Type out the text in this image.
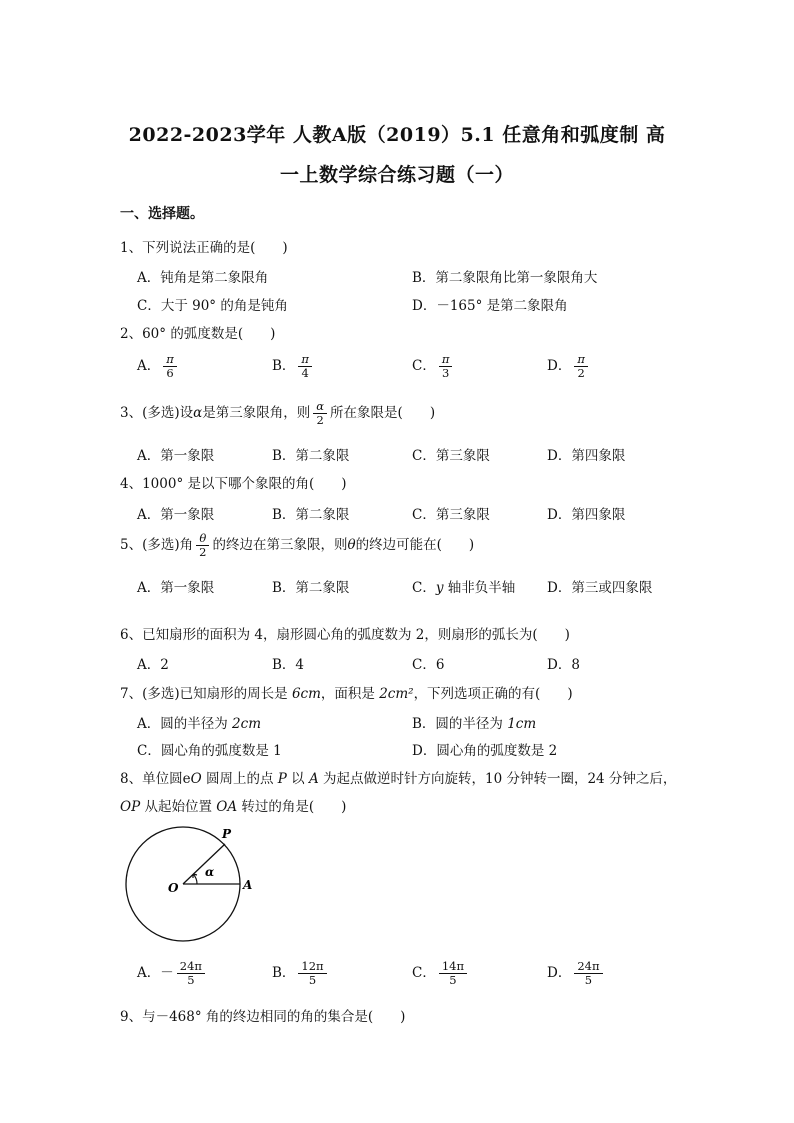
2022-2023学年 人教A版（2019）5.1 任意角和弧度制 高
一上数学综合练习题（一）
一、选择题。
1、下列说法正确的是(　　)
A．钝角是第二象限角	B．第二象限角比第一象限角大
C．大于 90° 的角是钝角	D．－165° 是第二象限角
2、60° 的弧度数是(　　)
A． $\frac{\pi}{6}$	B． $\frac{\pi}{4}$	C． $\frac{\pi}{3}$	D． $\frac{\pi}{2}$
3、(多选)设α是第三象限角，则 $\frac{\alpha}{2}$ 所在象限是(　　)
A．第一象限	B．第二象限	C．第三象限	D．第四象限
4、1000° 是以下哪个象限的角(　　)
A．第一象限	B．第二象限	C．第三象限	D．第四象限
5、(多选)角 $\frac{\theta}{2}$ 的终边在第三象限，则θ的终边可能在(　　)
A．第一象限	B．第二象限	C．y 轴非负半轴 D．第三或四象限
6、已知扇形的面积为 4，扇形圆心角的弧度数为 2，则扇形的弧长为(　　)
A．2	B．4	C．6	D．8
7、(多选)已知扇形的周长是 6cm，面积是 2cm²，下列选项正确的有(　　)
A．圆的半径为 2cm	B．圆的半径为 1cm
C．圆心角的弧度数是 1	D．圆心角的弧度数是 2
8、单位圆eO 圆周上的点 P 以 A 为起点做逆时针方向旋转，10 分钟转一圈，24 分钟之后，
OP 从起始位置 OA 转过的角是(　　)
P
O	A
α
A．－ $\frac{24\pi}{5}$	B． $\frac{12\pi}{5}$	C． $\frac{14\pi}{5}$	D． $\frac{24\pi}{5}$
9、与－468° 角的终边相同的角的集合是(　　)
